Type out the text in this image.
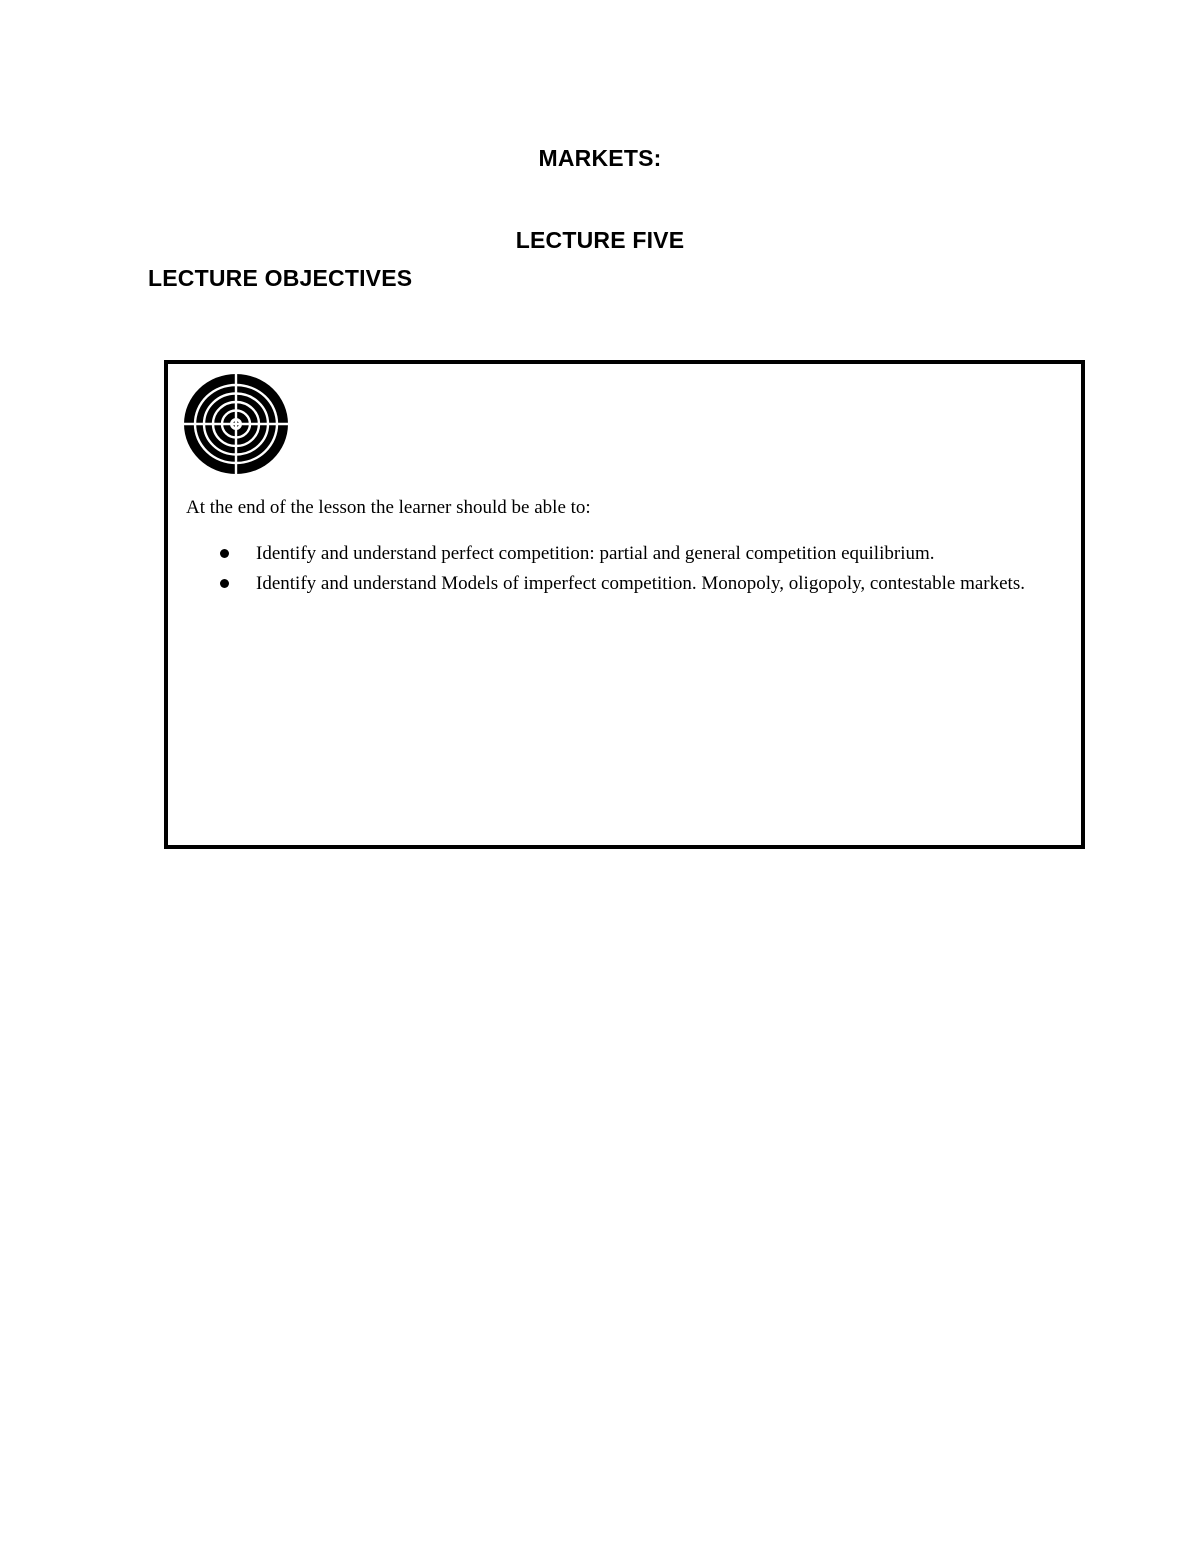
MARKETS:
LECTURE FIVE
LECTURE OBJECTIVES

At the end of the lesson the learner should be able to:

Identify and understand perfect competition: partial and general competition equilibrium.
Identify and understand Models of imperfect competition. Monopoly, oligopoly, contestable markets.
